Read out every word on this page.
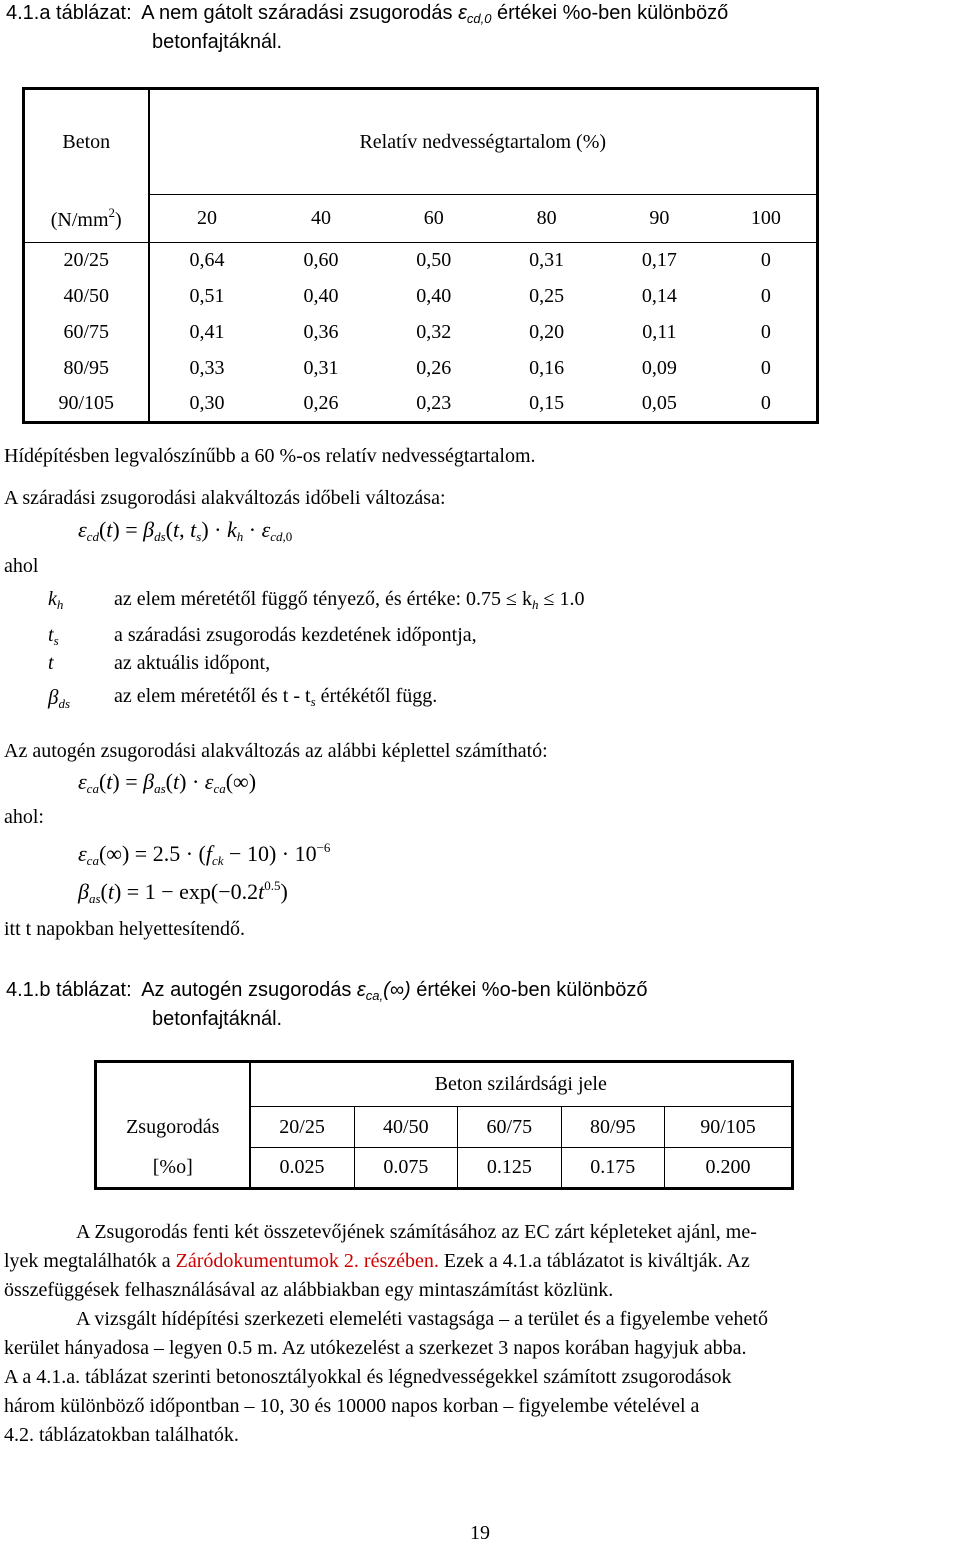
4.1.a táblázat: A nem gátolt száradási zsugorodás $\varepsilon_{cd,0}$ értékei %o-ben különböző
betonfajtáknál.
Beton	Relatív nedvességtartalom (%)					
$(N/mm^2)$	20	40	60	80	90	100
20/25	0,64	0,60	0,50	0,31	0,17	0
40/50	0,51	0,40	0,40	0,25	0,14	0
60/75	0,41	0,36	0,32	0,20	0,11	0
80/95	0,33	0,31	0,26	0,16	0,09	0
90/105	0,30	0,26	0,23	0,15	0,05	0
Hídépítésben legvalószínűbb a 60 %-os relatív nedvességtartalom.
A száradási zsugorodási alakváltozás időbeli változása:
$\varepsilon_{cd}(t) = \beta_{ds}(t$, $t_s) \cdot k_h \cdot \varepsilon_{cd,0}$
ahol
$k_h$	az elem méretétől függő tényező, és értéke: $0.75 \le k_h \le 1.0$
$t_s$	a száradási zsugorodás kezdetének időpontja,
t	az aktuális időpont,
$\beta_{ds}$ az elem méretétől és t - $t_s$ értékétől függ.
Az autogén zsugorodási alakváltozás az alábbi képlettel számítható:
$\varepsilon_{ca}(t) = \beta_{as}(t) \cdot \varepsilon_{ca}(\infty)$
ahol:
$\varepsilon_{ca}(\infty) = 2.5 \cdot (f_{ck} - 10) \cdot 10^{-6}$
$\beta_{as}(t) = 1 - \exp(-0.2t^{0.5})$
itt t napokban helyettesítendő.
4.1.b táblázat: Az autogén zsugorodás $\varepsilon_{ca,}(\infty)$ értékei %o-ben különböző
betonfajtáknál.
	Beton szilárdsági jele				
Zsugorodás	20/25	40/50	60/75	80/95	90/105
[%o]	0.025	0.075	0.125	0.175	0.200
A Zsugorodás fenti két összetevőjének számításához az EC zárt képleteket ajánl, me-
lyek megtalálhatók a Záródokumentumok 2. részében. Ezek a 4.1.a táblázatot is kiváltják. Az
összefüggések felhasználásával az alábbiakban egy mintaszámítást közlünk.
A vizsgált hídépítési szerkezeti elemeléti vastagsága – a terület és a figyelembe vehető
kerület hányadosa – legyen 0.5 m. Az utókezelést a szerkezet 3 napos korában hagyjuk abba.
A a 4.1.a. táblázat szerinti betonosztályokkal és légnedvességekkel számított zsugorodások
három különböző időpontban – 10, 30 és 10000 napos korban – figyelembe vételével a
4.2. táblázatokban találhatók.
19
